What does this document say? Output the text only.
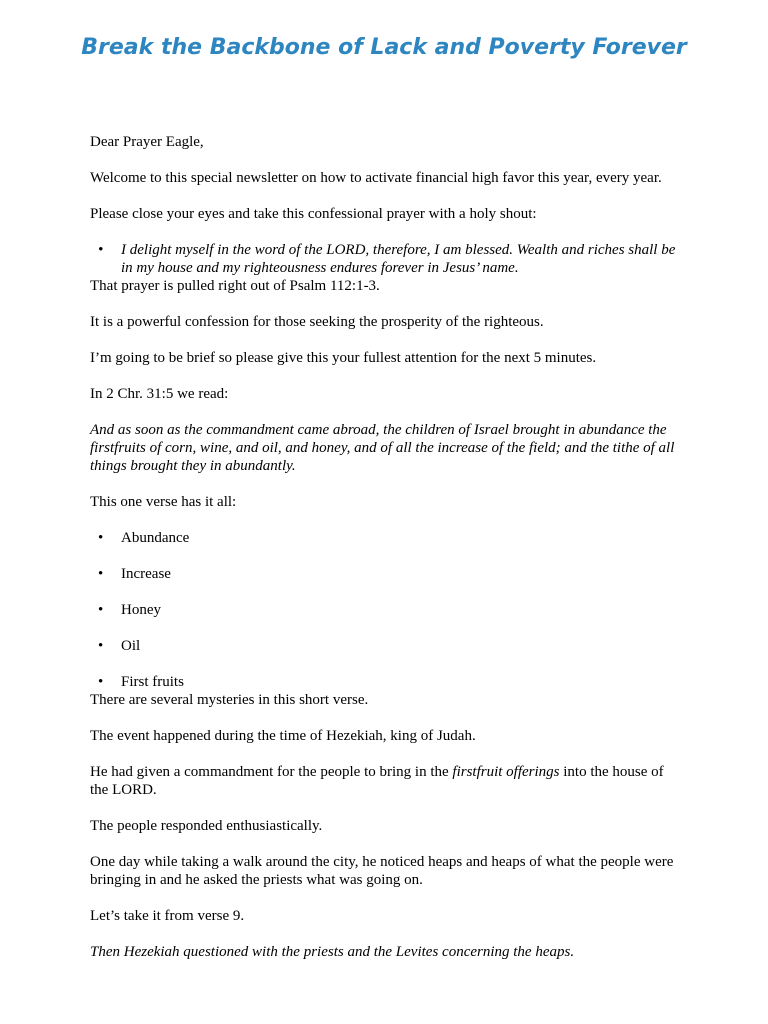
Break the Backbone of Lack and Poverty Forever

Dear Prayer Eagle,

Welcome to this special newsletter on how to activate financial high favor this year, every year.

Please close your eyes and take this confessional prayer with a holy shout:

• I delight myself in the word of the LORD, therefore, I am blessed. Wealth and riches shall be in my house and my righteousness endures forever in Jesus’ name.

That prayer is pulled right out of Psalm 112:1-3.

It is a powerful confession for those seeking the prosperity of the righteous.

I’m going to be brief so please give this your fullest attention for the next 5 minutes.

In 2 Chr. 31:5 we read:

And as soon as the commandment came abroad, the children of Israel brought in abundance the firstfruits of corn, wine, and oil, and honey, and of all the increase of the field; and the tithe of all things brought they in abundantly.

This one verse has it all:

• Abundance
• Increase
• Honey
• Oil
• First fruits

There are several mysteries in this short verse.

The event happened during the time of Hezekiah, king of Judah.

He had given a commandment for the people to bring in the firstfruit offerings into the house of the LORD.

The people responded enthusiastically.

One day while taking a walk around the city, he noticed heaps and heaps of what the people were bringing in and he asked the priests what was going on.

Let’s take it from verse 9.

Then Hezekiah questioned with the priests and the Levites concerning the heaps.
